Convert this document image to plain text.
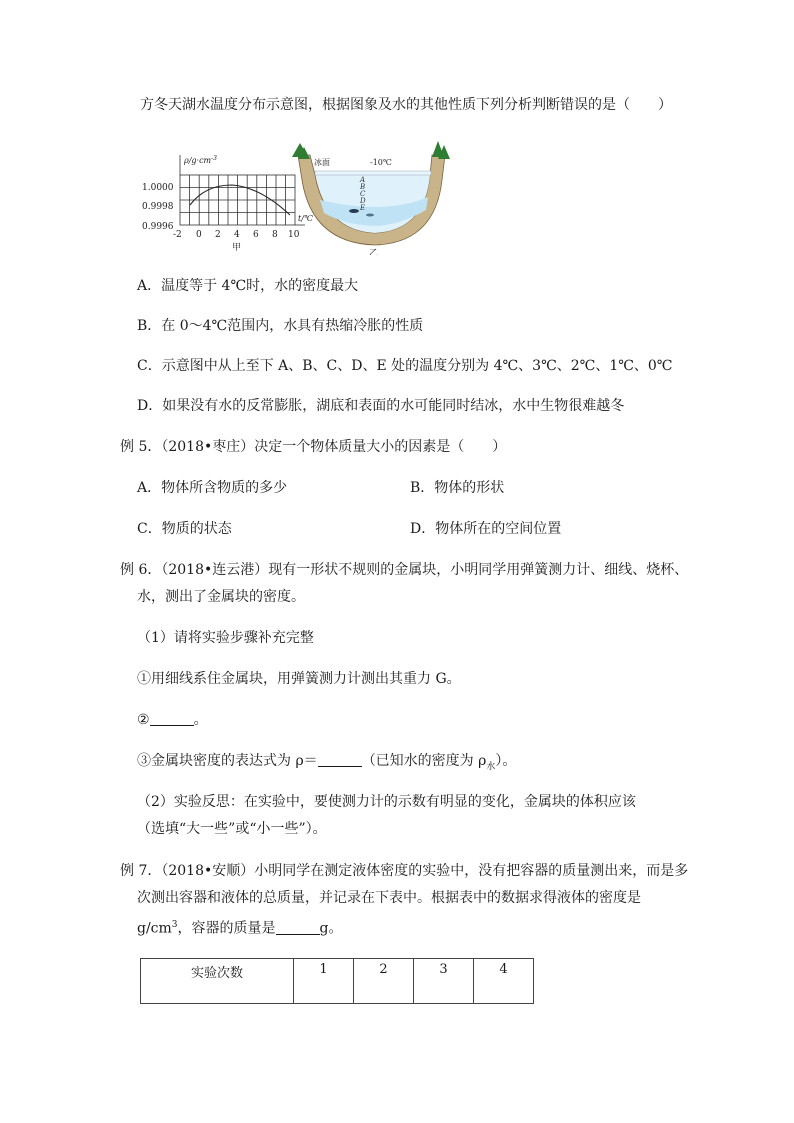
方冬天湖水温度分布示意图，根据图象及水的其他性质下列分析判断错误的是（　　）
$\rho/g\cdot cm^{-3}$
t/℃
1.0000
0.9998
0.9996
-2 0 2 4 6 8 10
甲
冰面	-10℃
A
B
C
D
E
乙
A．温度等于 4℃时，水的密度最大
B．在 0～4℃范围内，水具有热缩冷胀的性质
C．示意图中从上至下 A、B、C、D、E 处的温度分别为 4℃、3℃、2℃、1℃、0℃
D．如果没有水的反常膨胀，湖底和表面的水可能同时结冰，水中生物很难越冬
例 5．（2018•枣庄）决定一个物体质量大小的因素是（　　）
A．物体所含物质的多少	B．物体的形状
C．物质的状态	D．物体所在的空间位置
例 6．（2018•连云港）现有一形状不规则的金属块，小明同学用弹簧测力计、细线、烧杯、
水，测出了金属块的密度。
（1）请将实验步骤补充完整
①用细线系住金属块，用弹簧测力计测出其重力 G。
②	。
③金属块密度的表达式为 ρ＝	（已知水的密度为 $\rho_水$）。
（2）实验反思：在实验中，要使测力计的示数有明显的变化，金属块的体积应该
（选填“大一些”或“小一些”）。
例 7．（2018•安顺）小明同学在测定液体密度的实验中，没有把容器的质量测出来，而是多
次测出容器和液体的总质量，并记录在下表中。根据表中的数据求得液体的密度是
$g/cm^3$，容器的质量是	g。
实验次数	1	2	3	4
